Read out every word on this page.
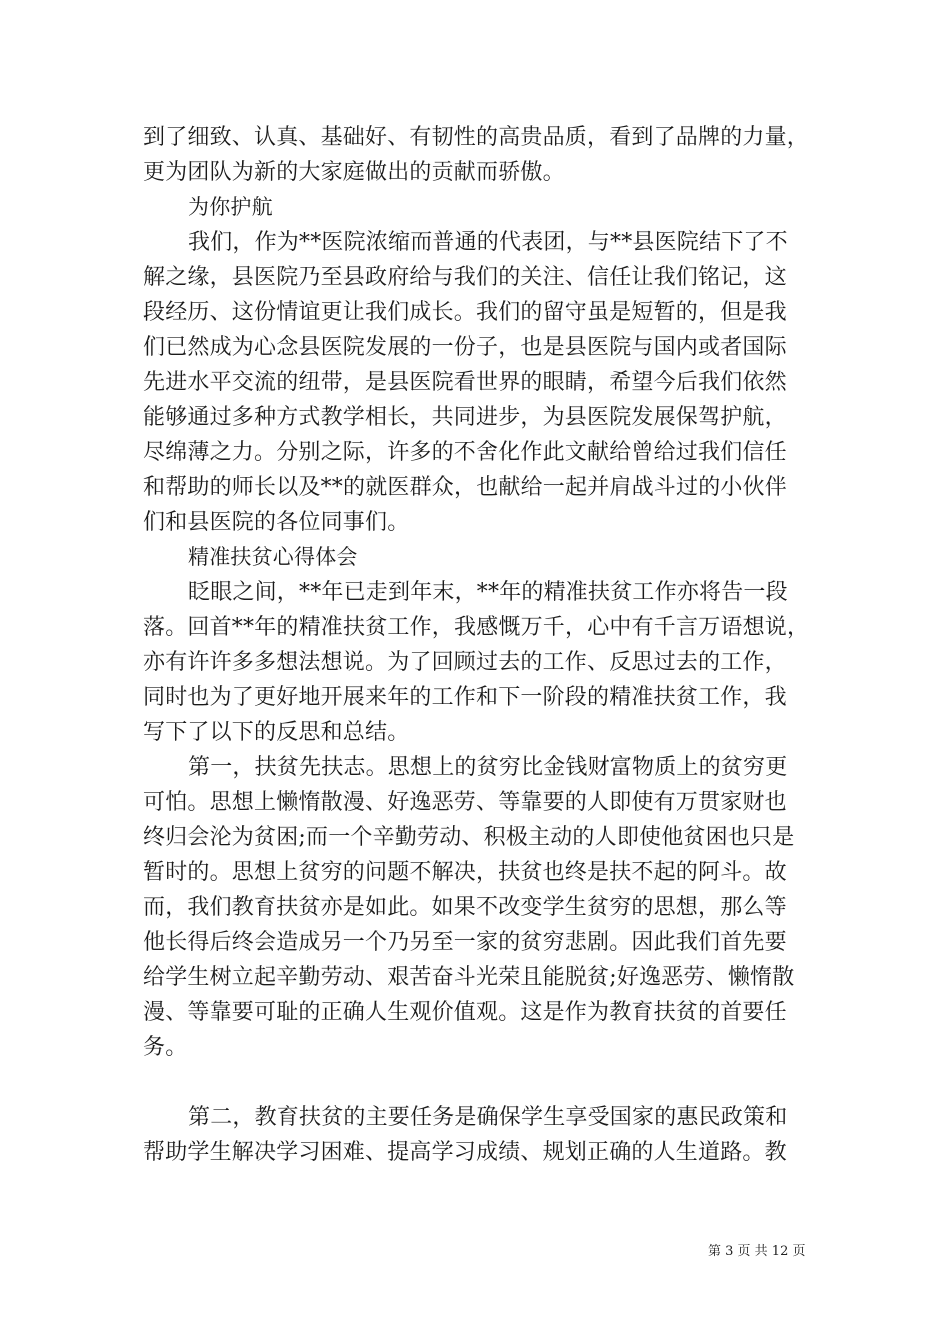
到了细致、认真、基础好、有韧性的高贵品质，看到了品牌的力量，
更为团队为新的大家庭做出的贡献而骄傲。
为你护航
我们，作为**医院浓缩而普通的代表团，与**县医院结下了不
解之缘，县医院乃至县政府给与我们的关注、信任让我们铭记，这
段经历、这份情谊更让我们成长。我们的留守虽是短暂的，但是我
们已然成为心念县医院发展的一份子，也是县医院与国内或者国际
先进水平交流的纽带，是县医院看世界的眼睛，希望今后我们依然
能够通过多种方式教学相长，共同进步，为县医院发展保驾护航，
尽绵薄之力。分别之际，许多的不舍化作此文献给曾给过我们信任
和帮助的师长以及**的就医群众，也献给一起并肩战斗过的小伙伴
们和县医院的各位同事们。
精准扶贫心得体会
眨眼之间，**年已走到年末，**年的精准扶贫工作亦将告一段
落。回首**年的精准扶贫工作，我感慨万千，心中有千言万语想说，
亦有许许多多想法想说。为了回顾过去的工作、反思过去的工作，
同时也为了更好地开展来年的工作和下一阶段的精准扶贫工作，我
写下了以下的反思和总结。
第一，扶贫先扶志。思想上的贫穷比金钱财富物质上的贫穷更
可怕。思想上懒惰散漫、好逸恶劳、等靠要的人即使有万贯家财也
终归会沦为贫困;而一个辛勤劳动、积极主动的人即使他贫困也只是
暂时的。思想上贫穷的问题不解决，扶贫也终是扶不起的阿斗。故
而，我们教育扶贫亦是如此。如果不改变学生贫穷的思想，那么等
他长得后终会造成另一个乃另至一家的贫穷悲剧。因此我们首先要
给学生树立起辛勤劳动、艰苦奋斗光荣且能脱贫;好逸恶劳、懒惰散
漫、等靠要可耻的正确人生观价值观。这是作为教育扶贫的首要任
务。
第二，教育扶贫的主要任务是确保学生享受国家的惠民政策和
帮助学生解决学习困难、提高学习成绩、规划正确的人生道路。教
第 3 页 共 12 页
